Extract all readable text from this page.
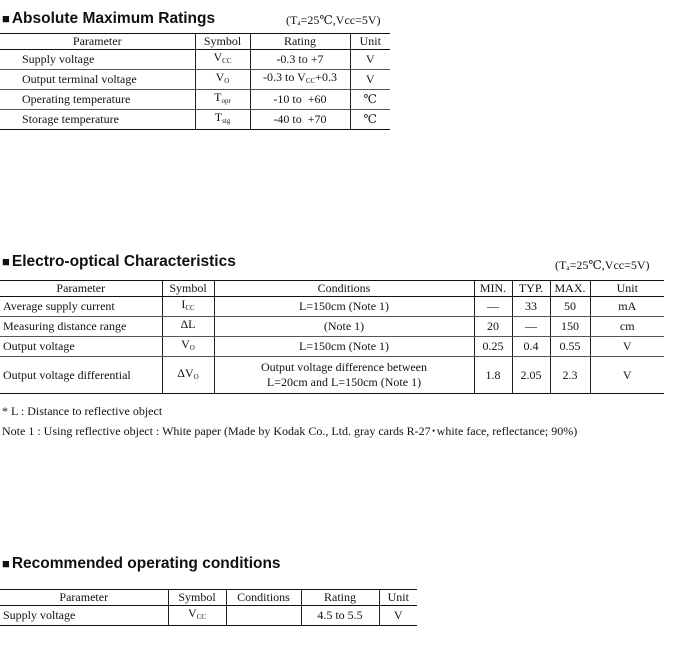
■ Absolute Maximum Ratings	(Tₐ=25℃,Vcc=5V)
Parameter	Symbol	Rating	Unit
Supply voltage	$V_{CC}$	-0.3 to +7	V
Output terminal voltage	$V_O$	-0.3 to $V_{CC}+0.3$	V
Operating temperature	$T_{opr}$	-10 to  +60	℃
Storage temperature	$T_{stg}$	-40 to  +70	℃
■ Electro-optical Characteristics	(Tₐ=25℃,Vcc=5V)
Parameter	Symbol	Conditions	MIN.	TYP.	MAX.	Unit
Average supply current	$I_{CC}$	L=150cm (Note 1)	—	33	50	mA
Measuring distance range	ΔL	(Note 1)	20	—	150	cm
Output voltage	$V_O$	L=150cm (Note 1)	0.25	0.4	0.55	V
Output voltage differential	$\Delta V_O$	Output voltage difference between L=20cm and L=150cm (Note 1)	1.8	2.05	2.3	V
* L : Distance to reflective object
Note 1 : Using reflective object : White paper (Made by Kodak Co., Ltd. gray cards R-27･white face, reflectance; 90%)
■ Recommended operating conditions
Parameter	Symbol	Conditions	Rating	Unit
Supply voltage	$V_{CC}$		4.5 to 5.5	V
